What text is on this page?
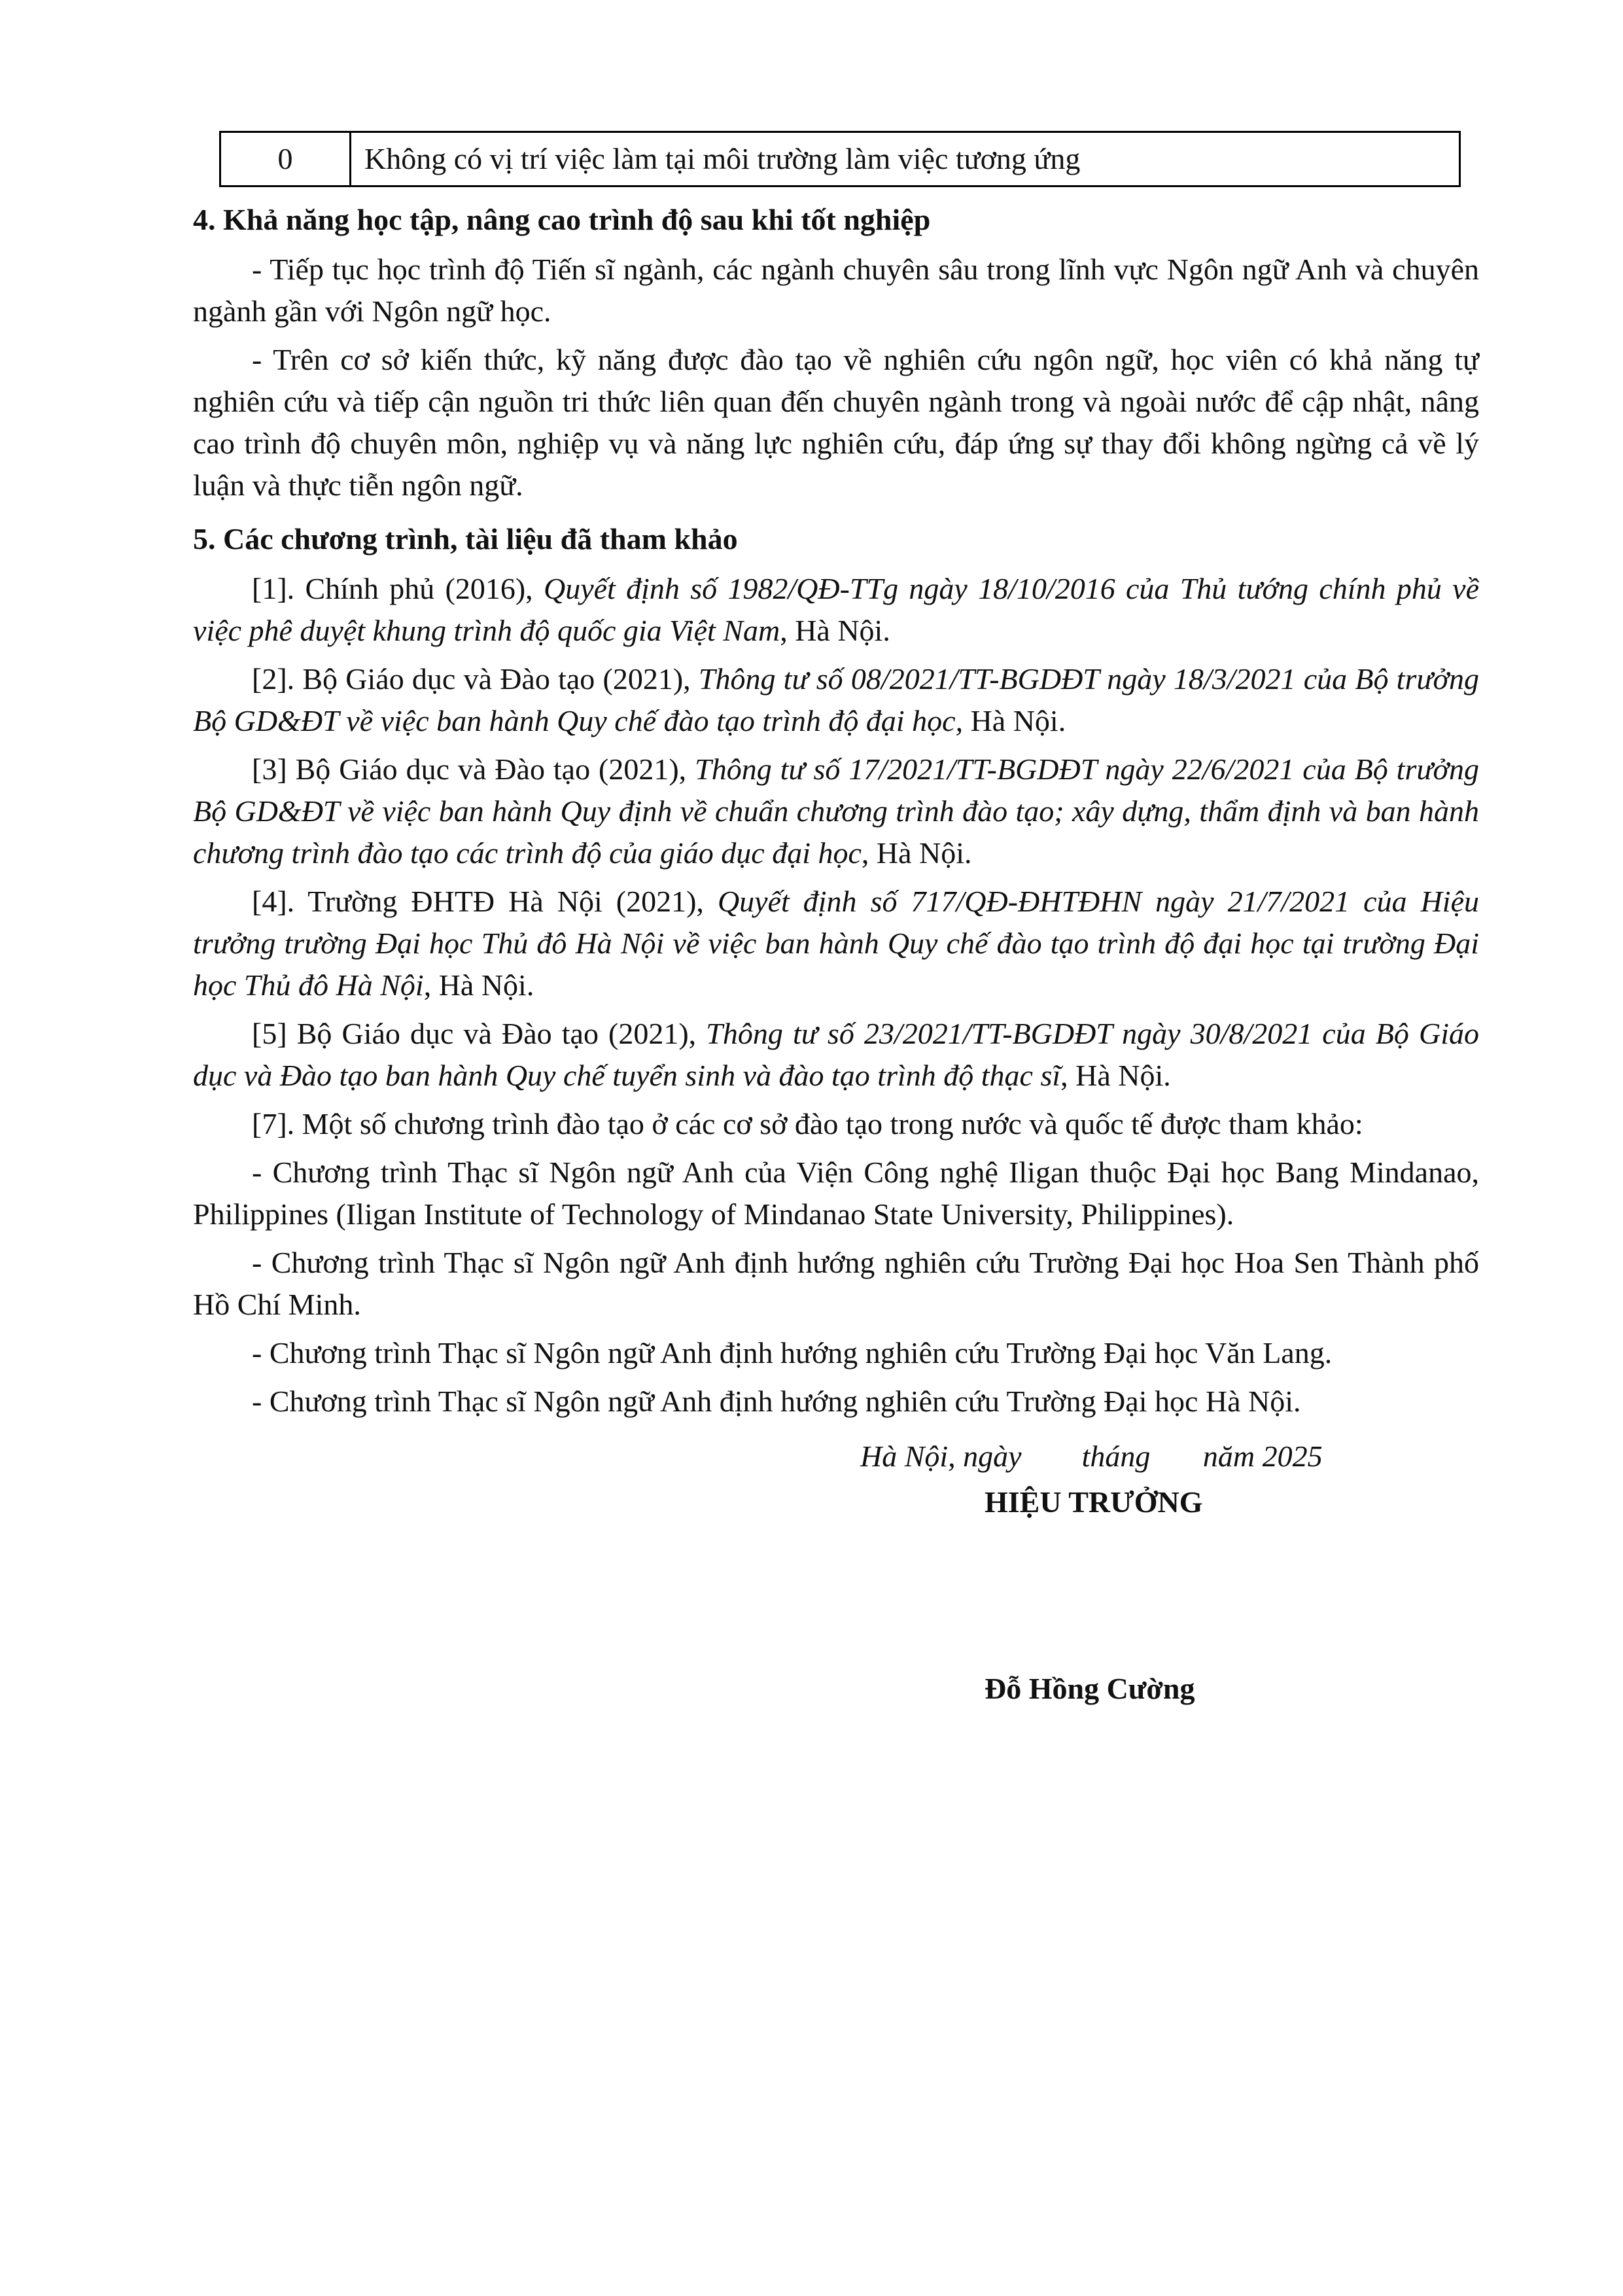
0	Không có vị trí việc làm tại môi trường làm việc tương ứng
4. Khả năng học tập, nâng cao trình độ sau khi tốt nghiệp

- Tiếp tục học trình độ Tiến sĩ ngành, các ngành chuyên sâu trong lĩnh vực Ngôn ngữ Anh và chuyên ngành gần với Ngôn ngữ học.

- Trên cơ sở kiến thức, kỹ năng được đào tạo về nghiên cứu ngôn ngữ, học viên có khả năng tự nghiên cứu và tiếp cận nguồn tri thức liên quan đến chuyên ngành trong và ngoài nước để cập nhật, nâng cao trình độ chuyên môn, nghiệp vụ và năng lực nghiên cứu, đáp ứng sự thay đổi không ngừng cả về lý luận và thực tiễn ngôn ngữ.

5. Các chương trình, tài liệu đã tham khảo

[1]. Chính phủ (2016), Quyết định số 1982/QĐ-TTg ngày 18/10/2016 của Thủ tướng chính phủ về việc phê duyệt khung trình độ quốc gia Việt Nam, Hà Nội.

[2]. Bộ Giáo dục và Đào tạo (2021), Thông tư số 08/2021/TT-BGDĐT ngày 18/3/2021 của Bộ trưởng Bộ GD&ĐT về việc ban hành Quy chế đào tạo trình độ đại học, Hà Nội.

[3] Bộ Giáo dục và Đào tạo (2021), Thông tư số 17/2021/TT-BGDĐT ngày 22/6/2021 của Bộ trưởng Bộ GD&ĐT về việc ban hành Quy định về chuẩn chương trình đào tạo; xây dựng, thẩm định và ban hành chương trình đào tạo các trình độ của giáo dục đại học, Hà Nội.

[4]. Trường ĐHTĐ Hà Nội (2021), Quyết định số 717/QĐ-ĐHTĐHN ngày 21/7/2021 của Hiệu trưởng trường Đại học Thủ đô Hà Nội về việc ban hành Quy chế đào tạo trình độ đại học tại trường Đại học Thủ đô Hà Nội, Hà Nội.

[5] Bộ Giáo dục và Đào tạo (2021), Thông tư số 23/2021/TT-BGDĐT ngày 30/8/2021 của Bộ Giáo dục và Đào tạo ban hành Quy chế tuyển sinh và đào tạo trình độ thạc sĩ, Hà Nội.

[7]. Một số chương trình đào tạo ở các cơ sở đào tạo trong nước và quốc tế được tham khảo:

- Chương trình Thạc sĩ Ngôn ngữ Anh của Viện Công nghệ Iligan thuộc Đại học Bang Mindanao, Philippines (Iligan Institute of Technology of Mindanao State University, Philippines).

- Chương trình Thạc sĩ Ngôn ngữ Anh định hướng nghiên cứu Trường Đại học Hoa Sen Thành phố Hồ Chí Minh.

- Chương trình Thạc sĩ Ngôn ngữ Anh định hướng nghiên cứu Trường Đại học Văn Lang.

- Chương trình Thạc sĩ Ngôn ngữ Anh định hướng nghiên cứu Trường Đại học Hà Nội.

Hà Nội, ngày        tháng       năm 2025
HIỆU TRƯỞNG
Đỗ Hồng Cường
